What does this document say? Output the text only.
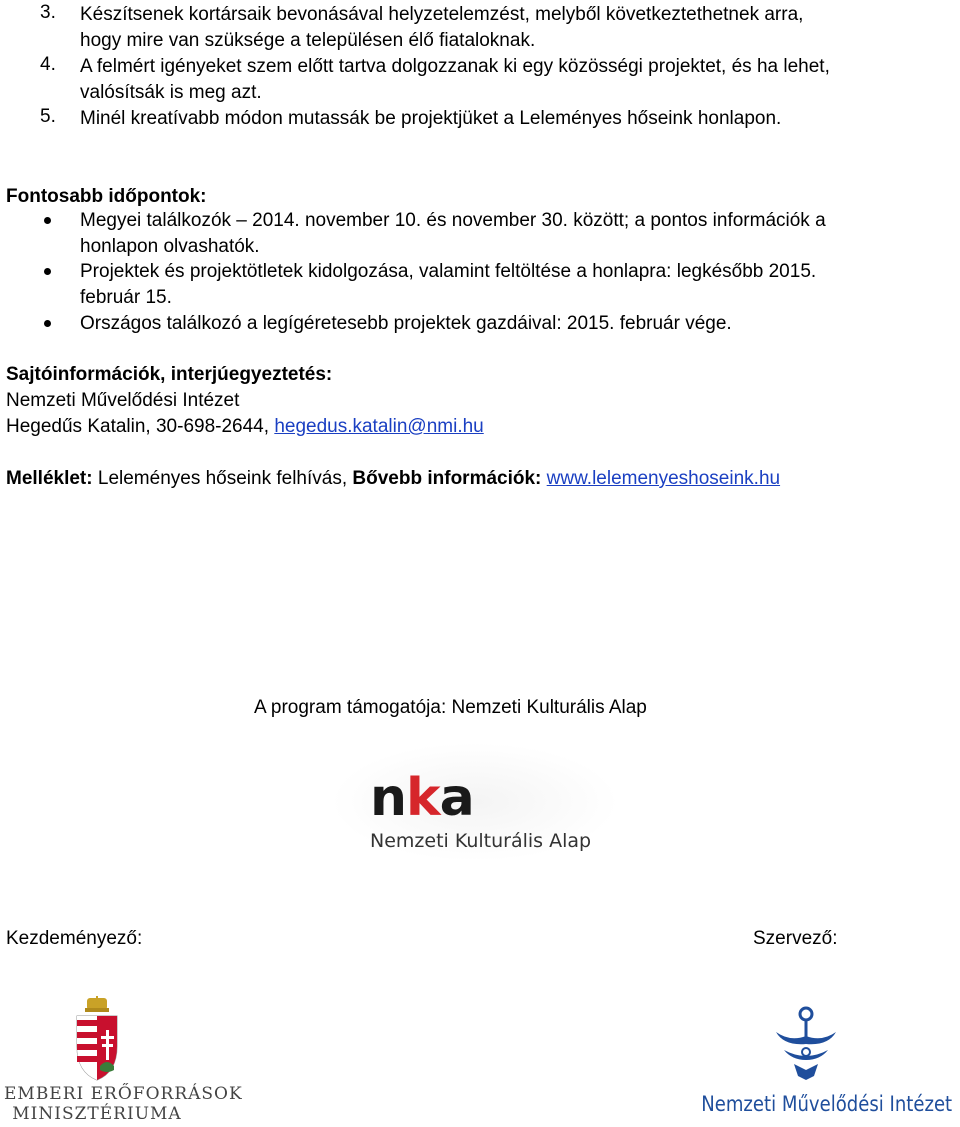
3. Készítsenek kortársaik bevonásával helyzetelemzést, melyből következtethetnek arra,
hogy mire van szüksége a településen élő fiataloknak.
4. A felmért igényeket szem előtt tartva dolgozzanak ki egy közösségi projektet, és ha lehet,
valósítsák is meg azt.
5. Minél kreatívabb módon mutassák be projektjüket a Leleményes hőseink honlapon.
Fontosabb időpontok:
Megyei találkozók – 2014. november 10. és november 30. között; a pontos információk a
honlapon olvashatók.
Projektek és projektötletek kidolgozása, valamint feltöltése a honlapra: legkésőbb 2015.
február 15.
Országos találkozó a legígéretesebb projektek gazdáival: 2015. február vége.
Sajtóinformációk, interjúegyeztetés:
Nemzeti Művelődési Intézet
Hegedűs Katalin, 30-698-2644, hegedus.katalin@nmi.hu
Melléklet: Leleményes hőseink felhívás, Bővebb információk: www.lelemenyeshoseink.hu
A program támogatója: Nemzeti Kulturális Alap
nka
Nemzeti Kulturális Alap
Kezdeményező:
EMBERI ERŐFORRÁSOK
MINISZTÉRIUMA
Szervező:
Nemzeti Művelődési Intézet
